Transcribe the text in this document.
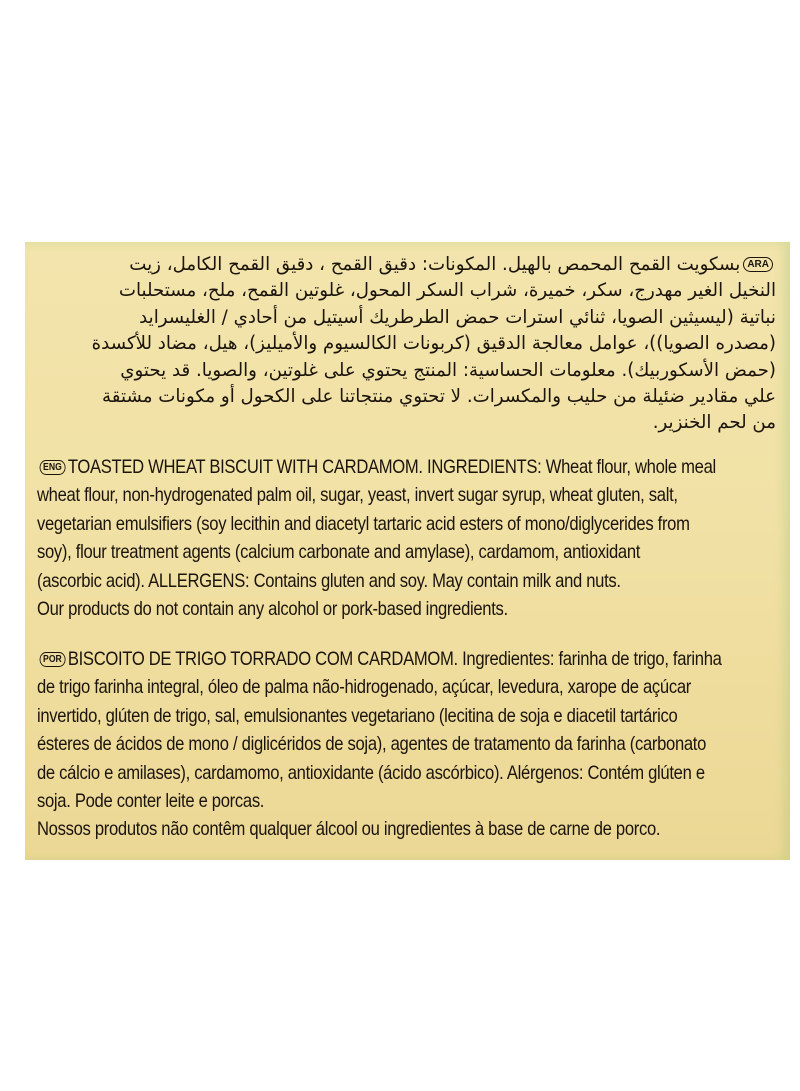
ARAبسكويت القمح المحمص بالهيل. المكونات: دقيق القمح ، دقيق القمح الكامل، زيت
النخيل الغير مهدرج، سكر، خميرة، شراب السكر المحول، غلوتين القمح، ملح، مستحلبات
نباتية (ليسيثين الصويا، ثنائي استرات حمض الطرطريك أسيتيل من أحادي / الغليسرايد
(مصدره الصويا))، عوامل معالجة الدقيق (كربونات الكالسيوم والأميليز)، هيل، مضاد للأكسدة
(حمض الأسكوربيك). معلومات الحساسية: المنتج يحتوي على غلوتين، والصويا. قد يحتوي
علي مقادير ضئيلة من حليب والمكسرات. لا تحتوي منتجاتنا على الكحول أو مكونات مشتقة
من لحم الخنزير.
ENG TOASTED WHEAT BISCUIT WITH CARDAMOM. INGREDIENTS: Wheat flour, whole meal
wheat flour, non-hydrogenated palm oil, sugar, yeast, invert sugar syrup, wheat gluten, salt,
vegetarian emulsifiers (soy lecithin and diacetyl tartaric acid esters of mono/diglycerides from
soy), flour treatment agents (calcium carbonate and amylase), cardamom, antioxidant
(ascorbic acid). ALLERGENS: Contains gluten and soy. May contain milk and nuts.
Our products do not contain any alcohol or pork-based ingredients.
POR BISCOITO DE TRIGO TORRADO COM CARDAMOM. Ingredientes: farinha de trigo, farinha
de trigo farinha integral, óleo de palma não-hidrogenado, açúcar, levedura, xarope de açúcar
invertido, glúten de trigo, sal, emulsionantes vegetariano (lecitina de soja e diacetil tartárico
ésteres de ácidos de mono / diglicéridos de soja), agentes de tratamento da farinha (carbonato
de cálcio e amilases), cardamomo, antioxidante (ácido ascórbico). Alérgenos: Contém glúten e
soja. Pode conter leite e porcas.
Nossos produtos não contêm qualquer álcool ou ingredientes à base de carne de porco.
